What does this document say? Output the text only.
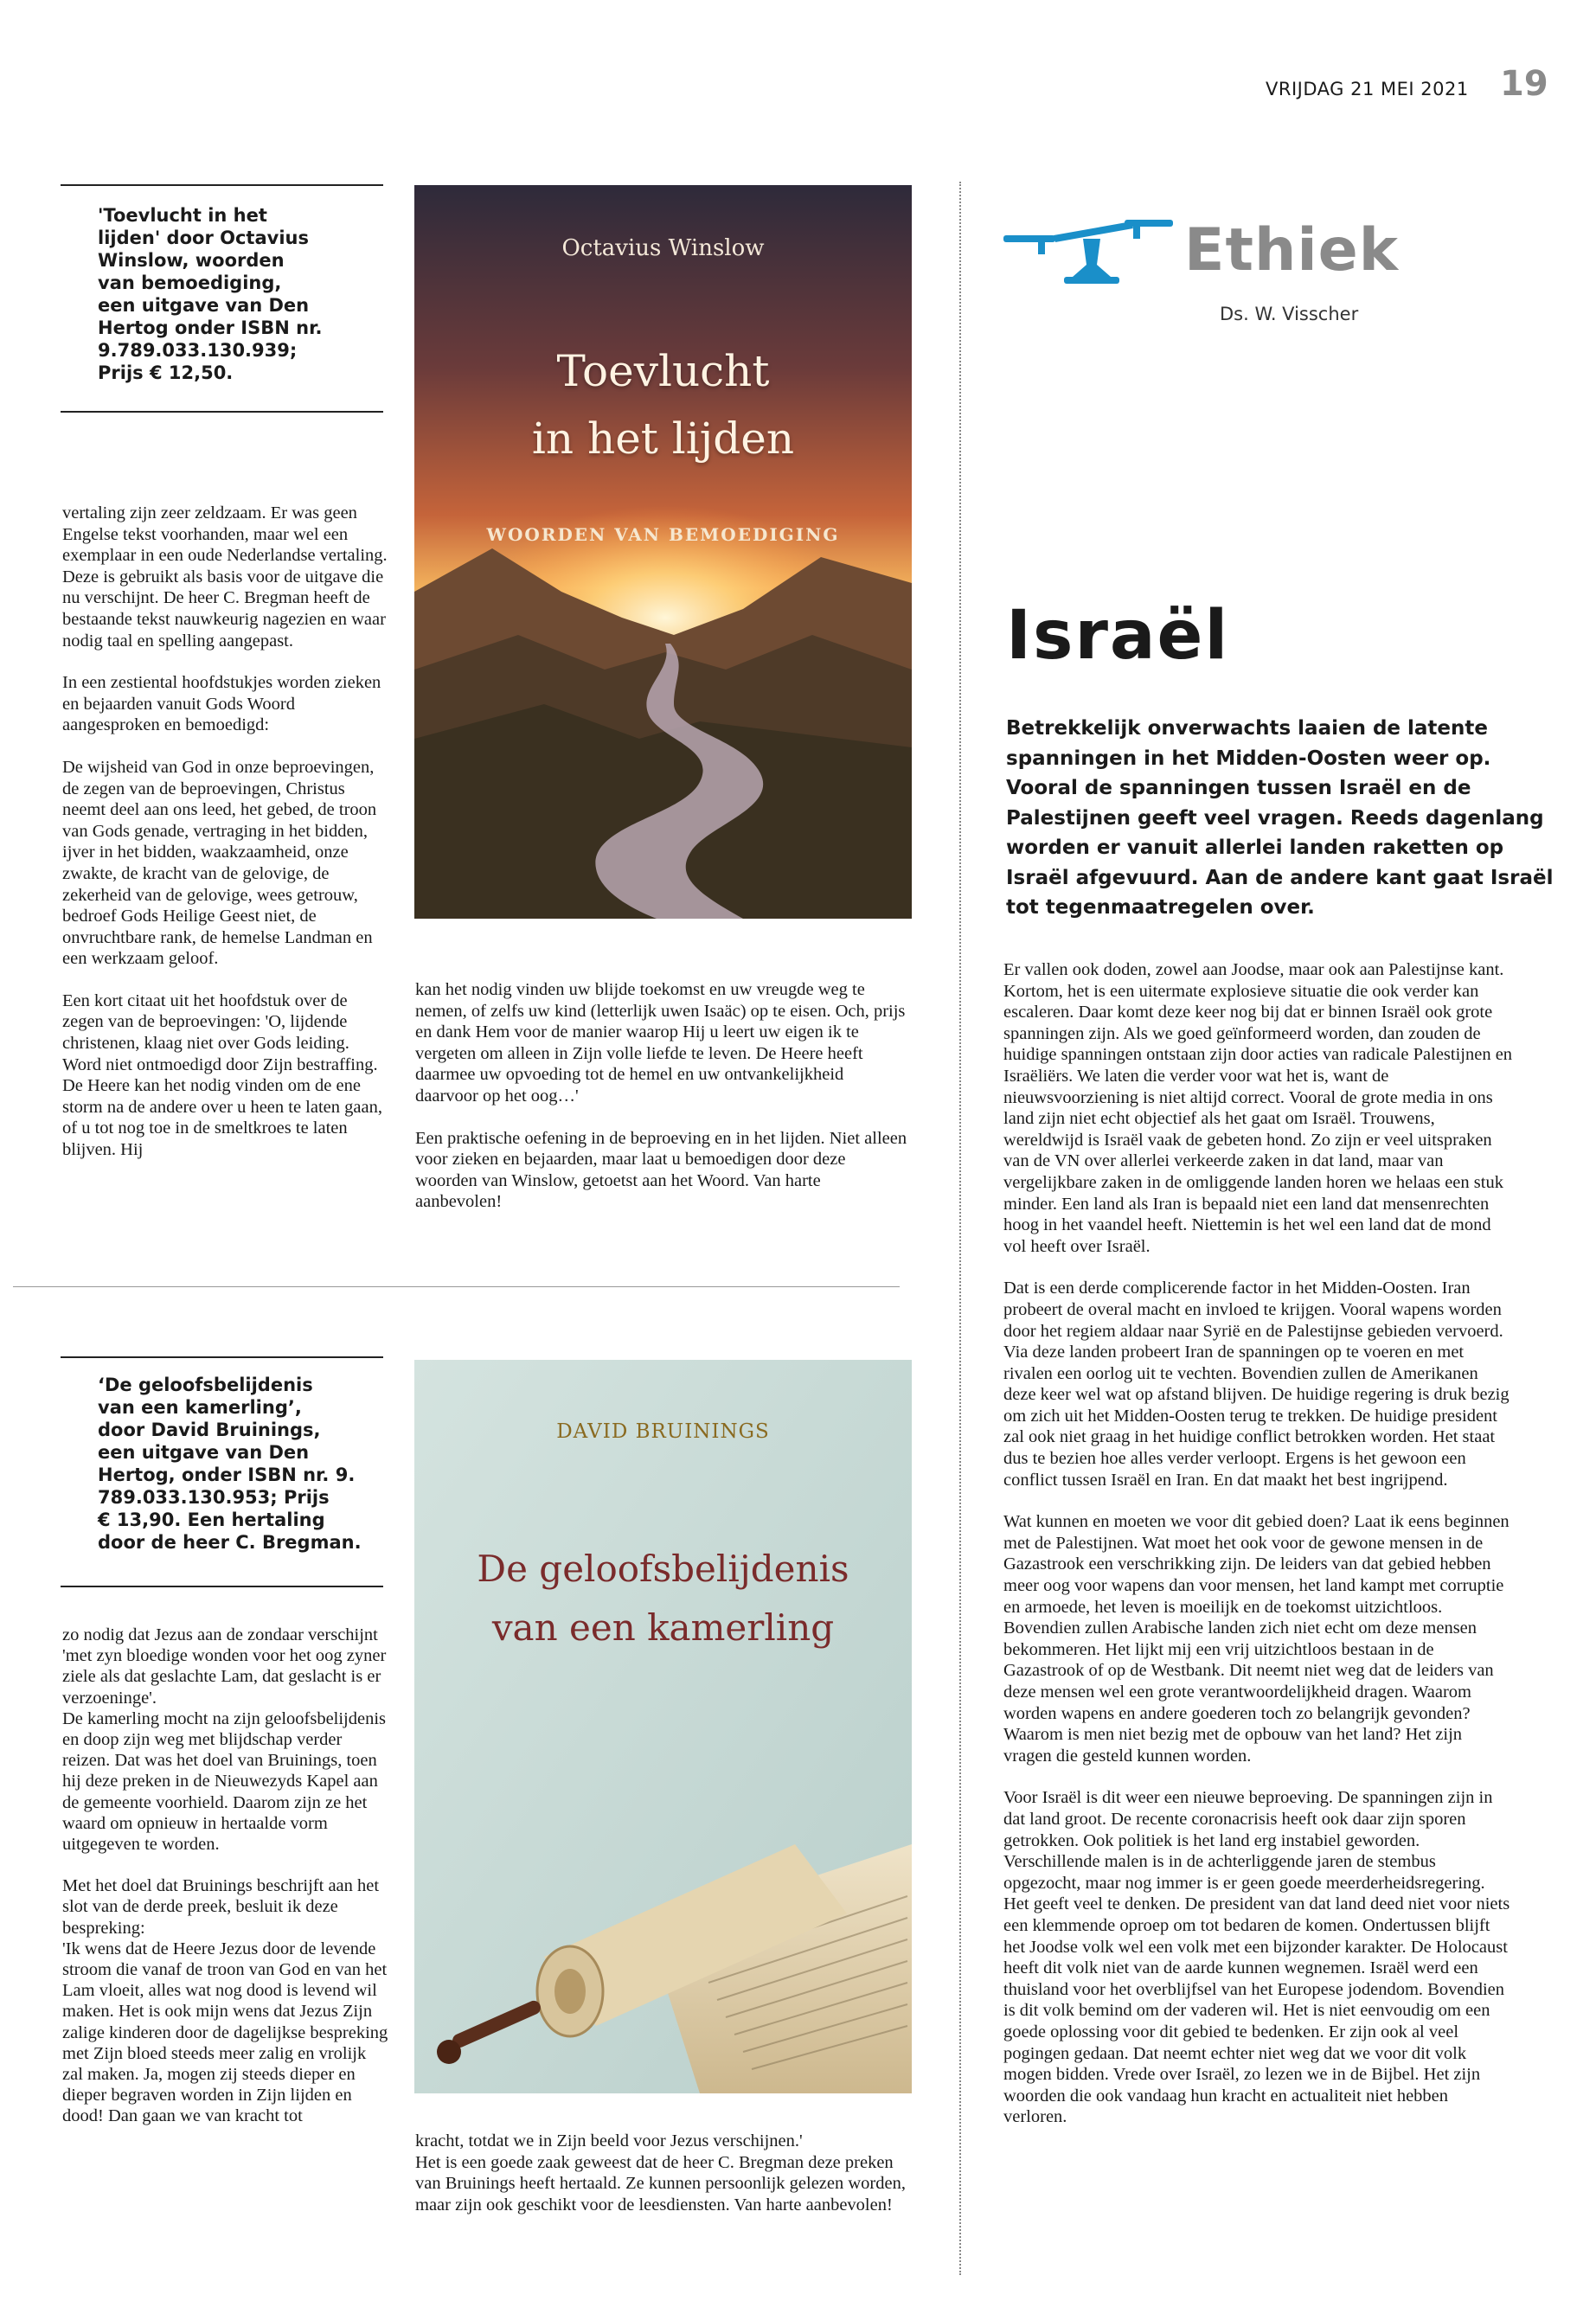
VRIJDAG 21 MEI 2021 19
'Toevlucht in het
lijden' door Octavius
Winslow, woorden
van bemoediging,
een uitgave van Den
Hertog onder ISBN nr.
9.789.033.130.939;
Prijs € 12,50.
Octavius Winslow
Toevlucht
in het lijden
WOORDEN VAN BEMOEDIGING

vertaling zijn zeer zeldzaam. Er was geen Engelse tekst voorhanden, maar wel een exemplaar in een oude Nederlandse vertaling. Deze is gebruikt als basis voor de uitgave die nu verschijnt. De heer C. Bregman heeft de bestaande tekst nauwkeurig nagezien en waar nodig taal en spelling aangepast.

In een zestiental hoofdstukjes worden zieken en bejaarden vanuit Gods Woord aangesproken en bemoedigd:

De wijsheid van God in onze beproevingen, de zegen van de beproevingen, Christus neemt deel aan ons leed, het gebed, de troon van Gods genade, vertraging in het bidden, ijver in het bidden, waakzaamheid, onze zwakte, de kracht van de gelovige, de zekerheid van de gelovige, wees getrouw, bedroef Gods Heilige Geest niet, de onvruchtbare rank, de hemelse Landman en een werkzaam geloof.

Een kort citaat uit het hoofdstuk over de zegen van de beproevingen: 'O, lijdende christenen, klaag niet over Gods leiding. Word niet ontmoedigd door Zijn bestraffing. De Heere kan het nodig vinden om de ene storm na de andere over u heen te laten gaan, of u tot nog toe in de smeltkroes te laten blijven. Hij

kan het nodig vinden uw blijde toekomst en uw vreugde weg te nemen, of zelfs uw kind (letterlijk uwen Isaäc) op te eisen. Och, prijs en dank Hem voor de manier waarop Hij u leert uw eigen ik te vergeten om alleen in Zijn volle liefde te leven. De Heere heeft daarmee uw opvoeding tot de hemel en uw ontvankelijkheid daarvoor op het oog…'

Een praktische oefening in de beproeving en in het lijden. Niet alleen voor zieken en bejaarden, maar laat u bemoedigen door deze woorden van Winslow, getoetst aan het Woord. Van harte aanbevolen!

‘De geloofsbelijdenis
van een kamerling’,
door David Bruinings,
een uitgave van Den
Hertog, onder ISBN nr. 9.
789.033.130.953; Prijs
€ 13,90. Een hertaling
door de heer C. Bregman.
DAVID BRUININGS
De geloofsbelijdenis
van een kamerling

zo nodig dat Jezus aan de zondaar verschijnt 'met zyn bloedige wonden voor het oog zyner ziele als dat geslachte Lam, dat geslacht is er verzoeninge'.
De kamerling mocht na zijn geloofsbelijdenis en doop zijn weg met blijdschap verder reizen. Dat was het doel van Bruinings, toen hij deze preken in de Nieuwezyds Kapel aan de gemeente voorhield. Daarom zijn ze het waard om opnieuw in hertaalde vorm uitgegeven te worden.

Met het doel dat Bruinings beschrijft aan het slot van de derde preek, besluit ik deze bespreking:
'Ik wens dat de Heere Jezus door de levende stroom die vanaf de troon van God en van het Lam vloeit, alles wat nog dood is levend wil maken. Het is ook mijn wens dat Jezus Zijn zalige kinderen door de dagelijkse bespreking met Zijn bloed steeds meer zalig en vrolijk zal maken. Ja, mogen zij steeds dieper en dieper begraven worden in Zijn lijden en dood! Dan gaan we van kracht tot

kracht, totdat we in Zijn beeld voor Jezus verschijnen.'
Het is een goede zaak geweest dat de heer C. Bregman deze preken van Bruinings heeft hertaald. Ze kunnen persoonlijk gelezen worden, maar zijn ook geschikt voor de leesdiensten. Van harte aanbevolen!

Ethiek
Ds. W. Visscher
Israël
Betrekkelijk onverwachts laaien de latente
spanningen in het Midden-Oosten weer op.
Vooral de spanningen tussen Israël en de
Palestijnen geeft veel vragen. Reeds dagenlang
worden er vanuit allerlei landen raketten op
Israël afgevuurd. Aan de andere kant gaat Israël
tot tegenmaatregelen over.

Er vallen ook doden, zowel aan Joodse, maar ook aan Palestijnse kant. Kortom, het is een uitermate explosieve situatie die ook verder kan escaleren. Daar komt deze keer nog bij dat er binnen Israël ook grote spanningen zijn. Als we goed geïnformeerd worden, dan zouden de huidige spanningen ontstaan zijn door acties van radicale Palestijnen en Israëliërs. We laten die verder voor wat het is, want de nieuwsvoorziening is niet altijd correct. Vooral de grote media in ons land zijn niet echt objectief als het gaat om Israël. Trouwens, wereldwijd is Israël vaak de gebeten hond. Zo zijn er veel uitspraken van de VN over allerlei verkeerde zaken in dat land, maar van vergelijkbare zaken in de omliggende landen horen we helaas een stuk minder. Een land als Iran is bepaald niet een land dat mensenrechten hoog in het vaandel heeft. Niettemin is het wel een land dat de mond vol heeft over Israël.

Dat is een derde complicerende factor in het Midden-Oosten. Iran probeert de overal macht en invloed te krijgen. Vooral wapens worden door het regiem aldaar naar Syrië en de Palestijnse gebieden vervoerd. Via deze landen probeert Iran de spanningen op te voeren en met rivalen een oorlog uit te vechten. Bovendien zullen de Amerikanen deze keer wel wat op afstand blijven. De huidige regering is druk bezig om zich uit het Midden-Oosten terug te trekken. De huidige president zal ook niet graag in het huidige conflict betrokken worden. Het staat dus te bezien hoe alles verder verloopt. Ergens is het gewoon een conflict tussen Israël en Iran. En dat maakt het best ingrijpend.

Wat kunnen en moeten we voor dit gebied doen? Laat ik eens beginnen met de Palestijnen. Wat moet het ook voor de gewone mensen in de Gazastrook een verschrikking zijn. De leiders van dat gebied hebben meer oog voor wapens dan voor mensen, het land kampt met corruptie en armoede, het leven is moeilijk en de toekomst uitzichtloos. Bovendien zullen Arabische landen zich niet echt om deze mensen bekommeren. Het lijkt mij een vrij uitzichtloos bestaan in de Gazastrook of op de Westbank. Dit neemt niet weg dat de leiders van deze mensen wel een grote verantwoordelijkheid dragen. Waarom worden wapens en andere goederen toch zo belangrijk gevonden? Waarom is men niet bezig met de opbouw van het land? Het zijn vragen die gesteld kunnen worden.

Voor Israël is dit weer een nieuwe beproeving. De spanningen zijn in dat land groot. De recente coronacrisis heeft ook daar zijn sporen getrokken. Ook politiek is het land erg instabiel geworden. Verschillende malen is in de achterliggende jaren de stembus opgezocht, maar nog immer is er geen goede meerderheidsregering. Het geeft veel te denken. De president van dat land deed niet voor niets een klemmende oproep om tot bedaren de komen. Ondertussen blijft het Joodse volk wel een volk met een bijzonder karakter. De Holocaust heeft dit volk niet van de aarde kunnen wegnemen. Israël werd een thuisland voor het overblijfsel van het Europese jodendom. Bovendien is dit volk bemind om der vaderen wil. Het is niet eenvoudig om een goede oplossing voor dit gebied te bedenken. Er zijn ook al veel pogingen gedaan. Dat neemt echter niet weg dat we voor dit volk mogen bidden. Vrede over Israël, zo lezen we in de Bijbel. Het zijn woorden die ook vandaag hun kracht en actualiteit niet hebben verloren.
